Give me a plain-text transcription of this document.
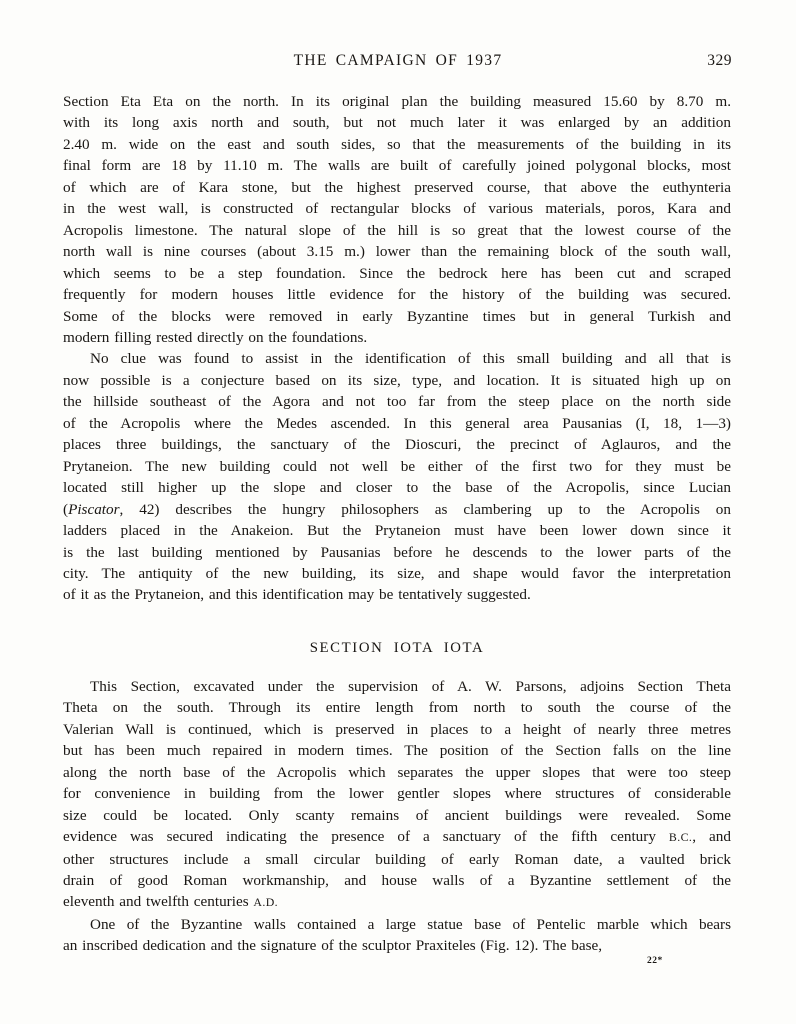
THE CAMPAIGN OF 1937	329
Section Eta Eta on the north. In its original plan the building measured 15.60 by 8.70 m.
with its long axis north and south, but not much later it was enlarged by an addition
2.40 m. wide on the east and south sides, so that the measurements of the building in its
final form are 18 by 11.10 m. The walls are built of carefully joined polygonal blocks, most
of which are of Kara stone, but the highest preserved course, that above the euthynteria
in the west wall, is constructed of rectangular blocks of various materials, poros, Kara and
Acropolis limestone. The natural slope of the hill is so great that the lowest course of the
north wall is nine courses (about 3.15 m.) lower than the remaining block of the south wall,
which seems to be a step foundation. Since the bedrock here has been cut and scraped
frequently for modern houses little evidence for the history of the building was secured.
Some of the blocks were removed in early Byzantine times but in general Turkish and
modern filling rested directly on the foundations.
No clue was found to assist in the identification of this small building and all that is
now possible is a conjecture based on its size, type, and location. It is situated high up on
the hillside southeast of the Agora and not too far from the steep place on the north side
of the Acropolis where the Medes ascended. In this general area Pausanias (I, 18, 1—3)
places three buildings, the sanctuary of the Dioscuri, the precinct of Aglauros, and the
Prytaneion. The new building could not well be either of the first two for they must be
located still higher up the slope and closer to the base of the Acropolis, since Lucian
(Piscator, 42) describes the hungry philosophers as clambering up to the Acropolis on
ladders placed in the Anakeion. But the Prytaneion must have been lower down since it
is the last building mentioned by Pausanias before he descends to the lower parts of the
city. The antiquity of the new building, its size, and shape would favor the interpretation
of it as the Prytaneion, and this identification may be tentatively suggested.
SECTION IOTA IOTA
This Section, excavated under the supervision of A. W. Parsons, adjoins Section Theta
Theta on the south. Through its entire length from north to south the course of the
Valerian Wall is continued, which is preserved in places to a height of nearly three metres
but has been much repaired in modern times. The position of the Section falls on the line
along the north base of the Acropolis which separates the upper slopes that were too steep
for convenience in building from the lower gentler slopes where structures of considerable
size could be located. Only scanty remains of ancient buildings were revealed. Some
evidence was secured indicating the presence of a sanctuary of the fifth century B.C., and
other structures include a small circular building of early Roman date, a vaulted brick
drain of good Roman workmanship, and house walls of a Byzantine settlement of the
eleventh and twelfth centuries A.D.
One of the Byzantine walls contained a large statue base of Pentelic marble which bears
an inscribed dedication and the signature of the sculptor Praxiteles (Fig. 12). The base,
22*
